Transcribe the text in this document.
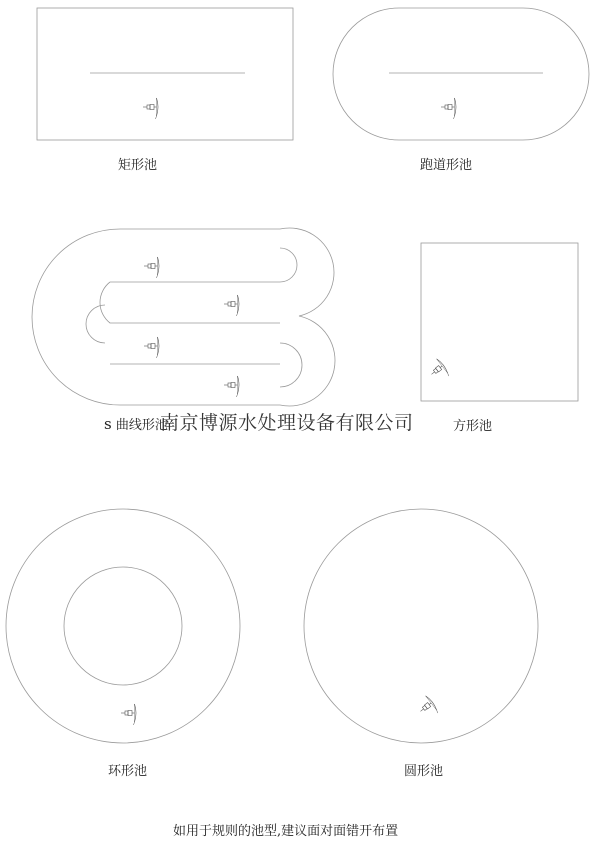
矩形池	跑道形池
s 曲线形池
南京博源水处理设备有限公司	方形池
环形池	圆形池
如用于规则的池型,建议面对面错开布置
